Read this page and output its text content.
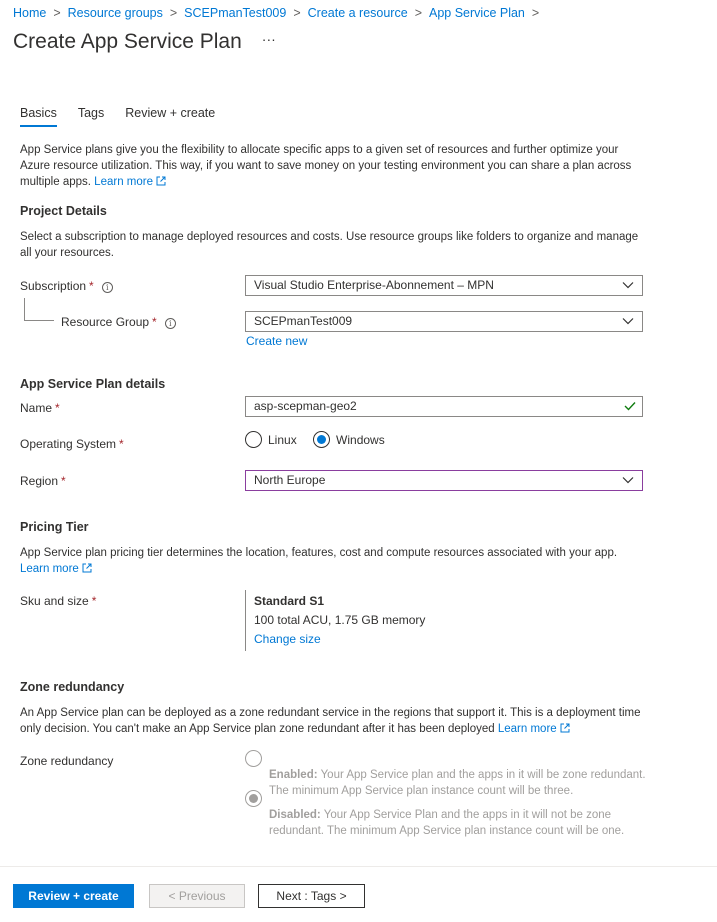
Home > Resource groups > SCEPmanTest009 > Create a resource > App Service Plan >
Create App Service Plan ···
Basics Tags Review + create
App Service plans give you the flexibility to allocate specific apps to a given set of resources and further optimize your Azure resource utilization. This way, if you want to save money on your testing environment you can share a plan across multiple apps. Learn more
Project Details
Select a subscription to manage deployed resources and costs. Use resource groups like folders to organize and manage all your resources.
Subscription * i	Visual Studio Enterprise-Abonnement – MPN
Resource Group * i	SCEPmanTest009
Create new
App Service Plan details
Name *	asp-scepman-geo2
Operating System *	Linux	Windows
Region *	North Europe
Pricing Tier
App Service plan pricing tier determines the location, features, cost and compute resources associated with your app.
Learn more
Sku and size *	Standard S1
100 total ACU, 1.75 GB memory
Change size
Zone redundancy
An App Service plan can be deployed as a zone redundant service in the regions that support it. This is a deployment time only decision. You can't make an App Service plan zone redundant after it has been deployed Learn more
Zone redundancy
Enabled: Your App Service plan and the apps in it will be zone redundant. The minimum App Service plan instance count will be three.
Disabled: Your App Service Plan and the apps in it will not be zone redundant. The minimum App Service plan instance count will be one.
Review + create	< Previous	Next : Tags >
